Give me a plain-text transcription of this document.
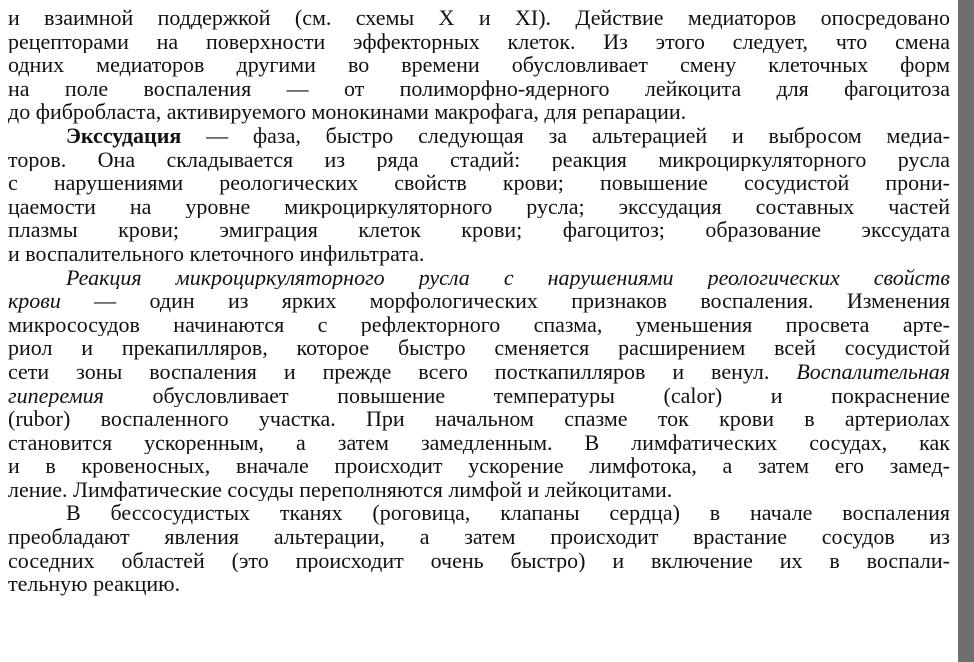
и взаимной поддержкой (см. схемы X и XI). Действие медиаторов опосредовано
рецепторами на поверхности эффекторных клеток. Из этого следует, что смена
одних медиаторов другими во времени обусловливает смену клеточных форм
на поле воспаления — от полиморфно-ядерного лейкоцита для фагоцитоза
до фибробласта, активируемого монокинами макрофага, для репарации.
Экссудация — фаза, быстро следующая за альтерацией и выбросом медиа-
торов. Она складывается из ряда стадий: реакция микроциркуляторного русла
с нарушениями реологических свойств крови; повышение сосудистой прони-
цаемости на уровне микроциркуляторного русла; экссудация составных частей
плазмы крови; эмиграция клеток крови; фагоцитоз; образование экссудата
и воспалительного клеточного инфильтрата.
Реакция микроциркуляторного русла с нарушениями реологических свойств
крови — один из ярких морфологических признаков воспаления. Изменения
микрососудов начинаются с рефлекторного спазма, уменьшения просвета арте-
риол и прекапилляров, которое быстро сменяется расширением всей сосудистой
сети зоны воспаления и прежде всего посткапилляров и венул. Воспалительная
гиперемия обусловливает повышение температуры (calor) и покраснение
(rubor) воспаленного участка. При начальном спазме ток крови в артериолах
становится ускоренным, а затем замедленным. В лимфатических сосудах, как
и в кровеносных, вначале происходит ускорение лимфотока, а затем его замед-
ление. Лимфатические сосуды переполняются лимфой и лейкоцитами.
В бессосудистых тканях (роговица, клапаны сердца) в начале воспаления
преобладают явления альтерации, а затем происходит врастание сосудов из
соседних областей (это происходит очень быстро) и включение их в воспали-
тельную реакцию.
